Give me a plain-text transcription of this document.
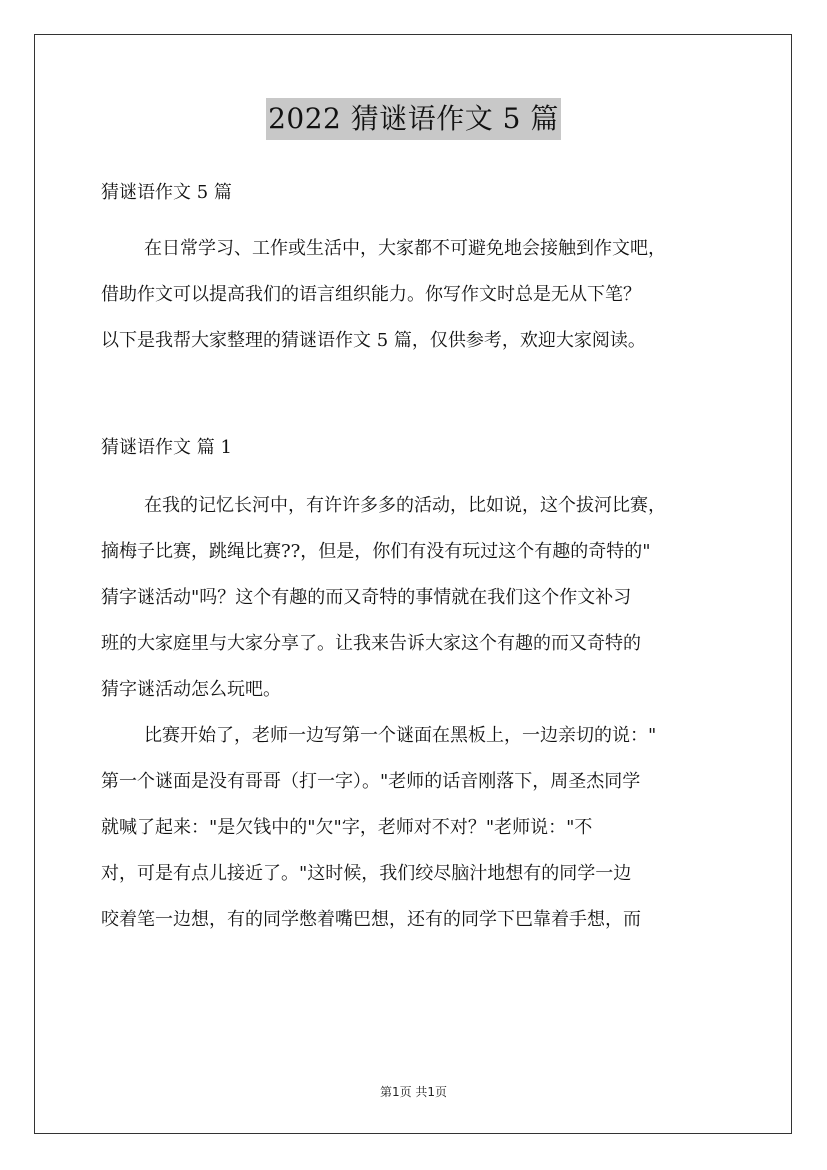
2022 猜谜语作文 5 篇

猜谜语作文 5 篇

在日常学习、工作或生活中，大家都不可避免地会接触到作文吧，

借助作文可以提高我们的语言组织能力。你写作文时总是无从下笔？

以下是我帮大家整理的猜谜语作文 5 篇，仅供参考，欢迎大家阅读。

猜谜语作文 篇 1

在我的记忆长河中，有许许多多的活动，比如说，这个拔河比赛，

摘梅子比赛，跳绳比赛??，但是，你们有没有玩过这个有趣的奇特的"

猜字谜活动"吗？这个有趣的而又奇特的事情就在我们这个作文补习

班的大家庭里与大家分享了。让我来告诉大家这个有趣的而又奇特的

猜字谜活动怎么玩吧。

比赛开始了，老师一边写第一个谜面在黑板上，一边亲切的说："

第一个谜面是没有哥哥（打一字）。"老师的话音刚落下，周圣杰同学

就喊了起来："是欠钱中的"欠"字，老师对不对？"老师说："不

对，可是有点儿接近了。"这时候，我们绞尽脑汁地想有的同学一边

咬着笔一边想，有的同学憋着嘴巴想，还有的同学下巴靠着手想，而

第1页 共1页
